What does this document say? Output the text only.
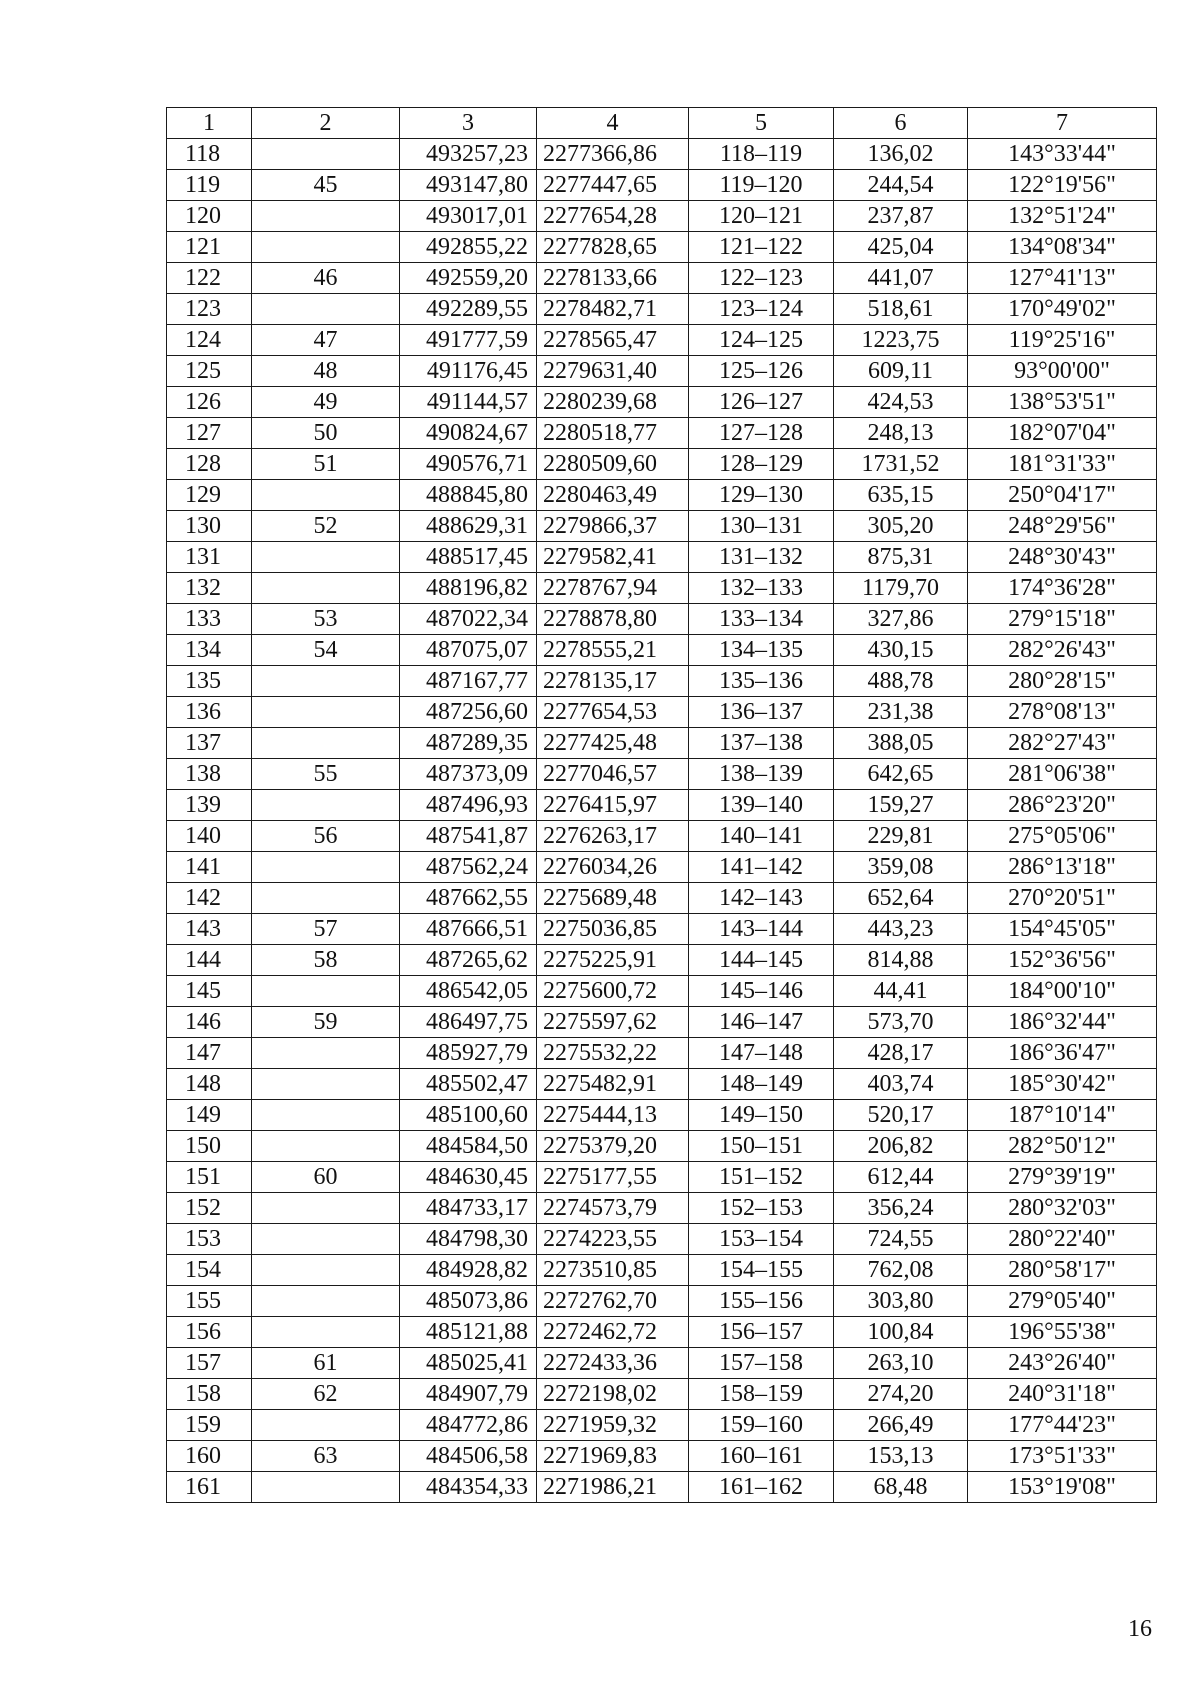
1	2	3	4	5	6	7
118		493257,23	2277366,86	118–119	136,02	143°33'44"
119	45	493147,80	2277447,65	119–120	244,54	122°19'56"
120		493017,01	2277654,28	120–121	237,87	132°51'24"
121		492855,22	2277828,65	121–122	425,04	134°08'34"
122	46	492559,20	2278133,66	122–123	441,07	127°41'13"
123		492289,55	2278482,71	123–124	518,61	170°49'02"
124	47	491777,59	2278565,47	124–125	1223,75	119°25'16"
125	48	491176,45	2279631,40	125–126	609,11	93°00'00"
126	49	491144,57	2280239,68	126–127	424,53	138°53'51"
127	50	490824,67	2280518,77	127–128	248,13	182°07'04"
128	51	490576,71	2280509,60	128–129	1731,52	181°31'33"
129		488845,80	2280463,49	129–130	635,15	250°04'17"
130	52	488629,31	2279866,37	130–131	305,20	248°29'56"
131		488517,45	2279582,41	131–132	875,31	248°30'43"
132		488196,82	2278767,94	132–133	1179,70	174°36'28"
133	53	487022,34	2278878,80	133–134	327,86	279°15'18"
134	54	487075,07	2278555,21	134–135	430,15	282°26'43"
135		487167,77	2278135,17	135–136	488,78	280°28'15"
136		487256,60	2277654,53	136–137	231,38	278°08'13"
137		487289,35	2277425,48	137–138	388,05	282°27'43"
138	55	487373,09	2277046,57	138–139	642,65	281°06'38"
139		487496,93	2276415,97	139–140	159,27	286°23'20"
140	56	487541,87	2276263,17	140–141	229,81	275°05'06"
141		487562,24	2276034,26	141–142	359,08	286°13'18"
142		487662,55	2275689,48	142–143	652,64	270°20'51"
143	57	487666,51	2275036,85	143–144	443,23	154°45'05"
144	58	487265,62	2275225,91	144–145	814,88	152°36'56"
145		486542,05	2275600,72	145–146	44,41	184°00'10"
146	59	486497,75	2275597,62	146–147	573,70	186°32'44"
147		485927,79	2275532,22	147–148	428,17	186°36'47"
148		485502,47	2275482,91	148–149	403,74	185°30'42"
149		485100,60	2275444,13	149–150	520,17	187°10'14"
150		484584,50	2275379,20	150–151	206,82	282°50'12"
151	60	484630,45	2275177,55	151–152	612,44	279°39'19"
152		484733,17	2274573,79	152–153	356,24	280°32'03"
153		484798,30	2274223,55	153–154	724,55	280°22'40"
154		484928,82	2273510,85	154–155	762,08	280°58'17"
155		485073,86	2272762,70	155–156	303,80	279°05'40"
156		485121,88	2272462,72	156–157	100,84	196°55'38"
157	61	485025,41	2272433,36	157–158	263,10	243°26'40"
158	62	484907,79	2272198,02	158–159	274,20	240°31'18"
159		484772,86	2271959,32	159–160	266,49	177°44'23"
160	63	484506,58	2271969,83	160–161	153,13	173°51'33"
161		484354,33	2271986,21	161–162	68,48	153°19'08"
16
